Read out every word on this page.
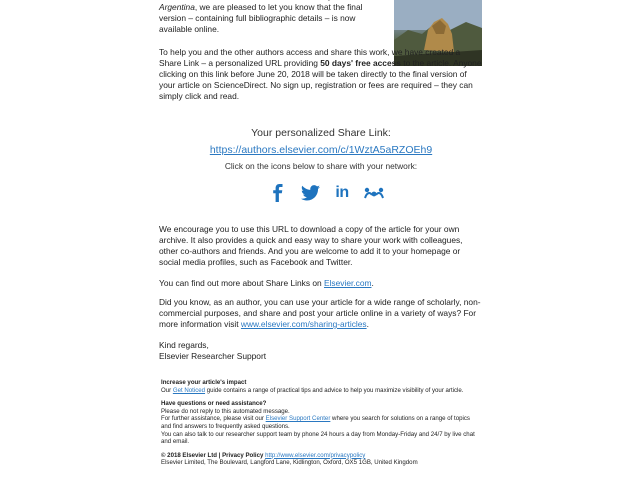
Argentina, we are pleased to let you know that the final
version – containing full bibliographic details – is now
available online.

To help you and the other authors access and share this work, we have created a Share Link – a personalized URL providing 50 days' free access to the article. Anyone clicking on this link before June 20, 2018 will be taken directly to the final version of your article on ScienceDirect. No sign up, registration or fees are required – they can simply click and read.

Your personalized Share Link:
https://authors.elsevier.com/c/1WztA5aRZOEh9
Click on the icons below to share with your network:
in

We encourage you to use this URL to download a copy of the article for your own archive. It also provides a quick and easy way to share your work with colleagues, other co-authors and friends. And you are welcome to add it to your homepage or social media profiles, such as Facebook and Twitter.

You can find out more about Share Links on Elsevier.com.

Did you know, as an author, you can use your article for a wide range of scholarly, non-commercial purposes, and share and post your article online in a variety of ways? For more information visit www.elsevier.com/sharing-articles.

Kind regards,
Elsevier Researcher Support

Increase your article's impact

Our Get Noticed guide contains a range of practical tips and advice to help you maximize visibility of your article.

Have questions or need assistance?

Please do not reply to this automated message.

For further assistance, please visit our Elsevier Support Center where you search for solutions on a range of topics and find answers to frequently asked questions.

You can also talk to our researcher support team by phone 24 hours a day from Monday-Friday and 24/7 by live chat and email.

© 2018 Elsevier Ltd | Privacy Policy http://www.elsevier.com/privacypolicy

Elsevier Limited, The Boulevard, Langford Lane, Kidlington, Oxford, OX5 1GB, United Kingdom
